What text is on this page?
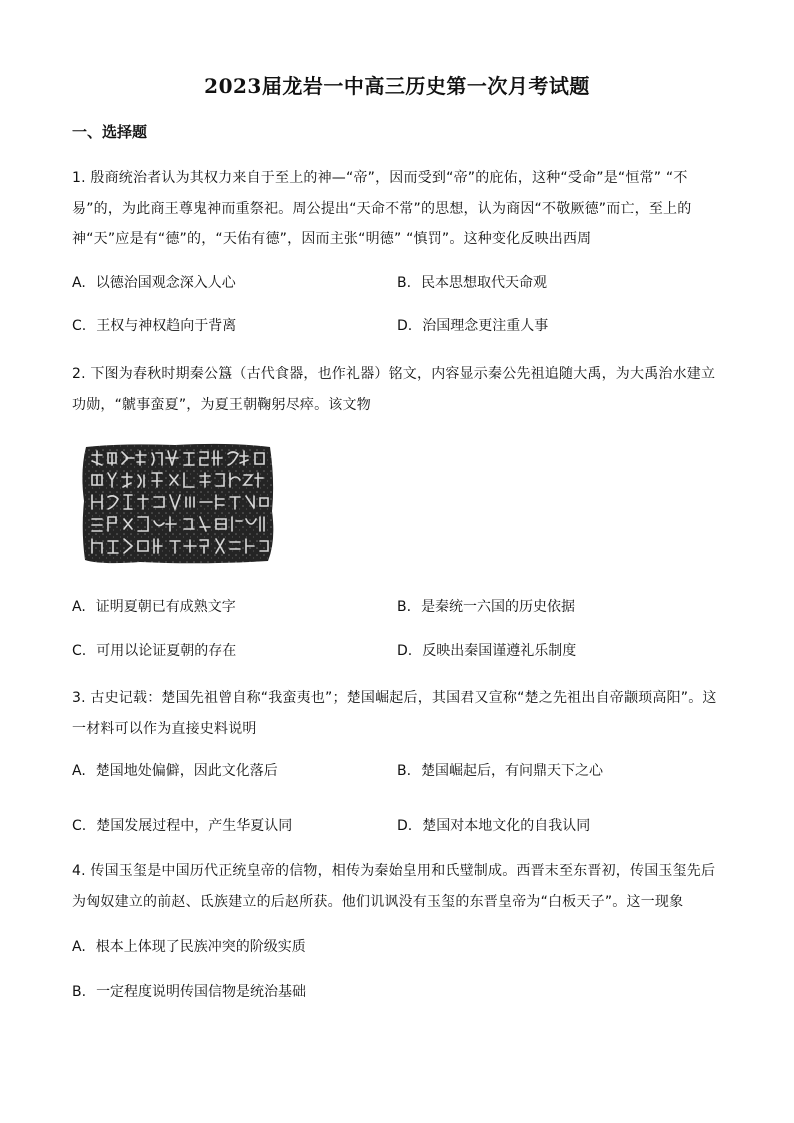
2023届龙岩一中高三历史第一次月考试题
一、选择题
1. 殷商统治者认为其权力来自于至上的神—“帝”，因而受到“帝”的庇佑，这种“受命”是“恒常” “不易”的，为此商王尊鬼神而重祭祀。周公提出“天命不常”的思想，认为商因“不敬厥德”而亡，至上的神“天”应是有“德”的，“天佑有德”，因而主张“明德” “慎罚”。这种变化反映出西周
A. 以德治国观念深入人心	B. 民本思想取代天命观
C. 王权与神权趋向于背离	D. 治国理念更注重人事
2. 下图为春秋时期秦公簋（古代食器，也作礼器）铭文，内容显示秦公先祖追随大禹，为大禹治水建立功勋，“虩事蛮夏”，为夏王朝鞠躬尽瘁。该文物
A. 证明夏朝已有成熟文字	B. 是秦统一六国的历史依据
C. 可用以论证夏朝的存在	D. 反映出秦国谨遵礼乐制度
3. 古史记载：楚国先祖曾自称“我蛮夷也”；楚国崛起后，其国君又宣称“楚之先祖出自帝颛顼高阳”。这一材料可以作为直接史料说明
A. 楚国地处偏僻，因此文化落后	B. 楚国崛起后，有问鼎天下之心
C. 楚国发展过程中，产生华夏认同	D. 楚国对本地文化的自我认同
4. 传国玉玺是中国历代正统皇帝的信物，相传为秦始皇用和氏璧制成。西晋末至东晋初，传国玉玺先后为匈奴建立的前赵、氐族建立的后赵所获。他们讥讽没有玉玺的东晋皇帝为“白板天子”。这一现象
A. 根本上体现了民族冲突的阶级实质
B. 一定程度说明传国信物是统治基础
